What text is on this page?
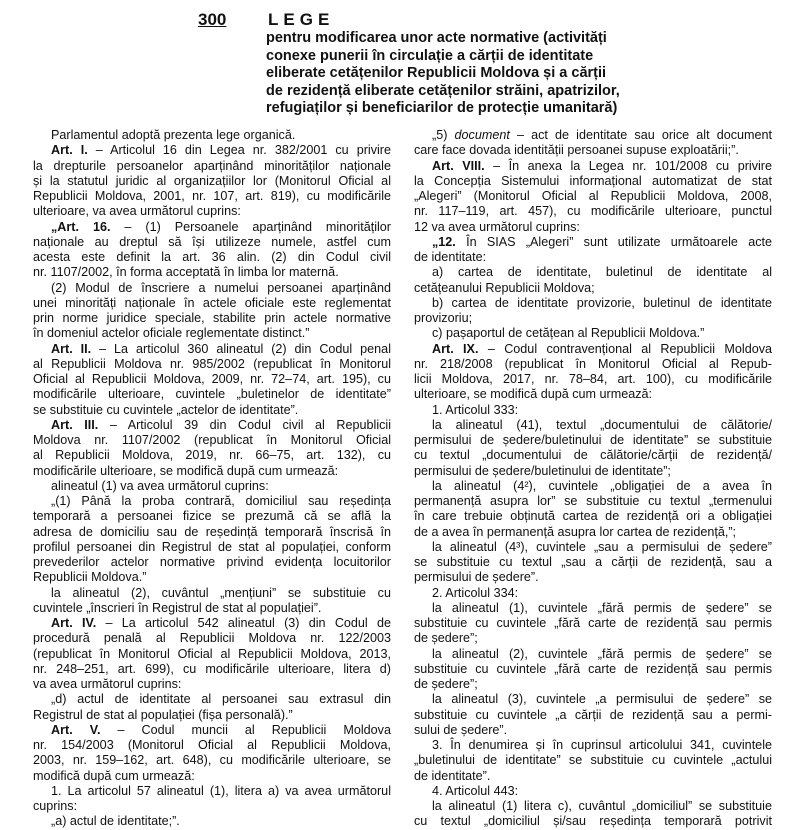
300 LEGE
pentru modificarea unor acte normative (activități
conexe punerii în circulație a cărții de identitate
eliberate cetățenilor Republicii Moldova și a cărții
de rezidență eliberate cetățenilor străini, apatrizilor,
refugiaților și beneficiarilor de protecție umanitară)
Parlamentul adoptă prezenta lege organică.
Art. I. – Articolul 16 din Legea nr. 382/2001 cu privire
la drepturile persoanelor aparținând minorităților naționale
și la statutul juridic al organizațiilor lor (Monitorul Oficial al
Republicii Moldova, 2001, nr. 107, art. 819), cu modificările
ulterioare, va avea următorul cuprins:
„Art. 16. – (1) Persoanele aparținând minorităților
naționale au dreptul să își utilizeze numele, astfel cum
acesta este definit la art. 36 alin. (2) din Codul civil
nr. 1107/2002, în forma acceptată în limba lor maternă.
(2) Modul de înscriere a numelui persoanei aparținând
unei minorități naționale în actele oficiale este reglementat
prin norme juridice speciale, stabilite prin actele normative
în domeniul actelor oficiale reglementate distinct.”
Art. II. – La articolul 360 alineatul (2) din Codul penal
al Republicii Moldova nr. 985/2002 (republicat în Monitorul
Oficial al Republicii Moldova, 2009, nr. 72–74, art. 195), cu
modificările ulterioare, cuvintele „buletinelor de identitate”
se substituie cu cuvintele „actelor de identitate”.
Art. III. – Articolul 39 din Codul civil al Republicii
Moldova nr. 1107/2002 (republicat în Monitorul Oficial
al Republicii Moldova, 2019, nr. 66–75, art. 132), cu
modificările ulterioare, se modifică după cum urmează:
alineatul (1) va avea următorul cuprins:
„(1) Până la proba contrară, domiciliul sau reședința
temporară a persoanei fizice se prezumă că se află la
adresa de domiciliu sau de reședință temporară înscrisă în
profilul persoanei din Registrul de stat al populației, conform
prevederilor actelor normative privind evidența locuitorilor
Republicii Moldova.”
la alineatul (2), cuvântul „mențiuni” se substituie cu
cuvintele „înscrieri în Registrul de stat al populației”.
Art. IV. – La articolul 542 alineatul (3) din Codul de
procedură penală al Republicii Moldova nr. 122/2003
(republicat în Monitorul Oficial al Republicii Moldova, 2013,
nr. 248–251, art. 699), cu modificările ulterioare, litera d)
va avea următorul cuprins:
„d) actul de identitate al persoanei sau extrasul din
Registrul de stat al populației (fișa personală).”
Art. V. – Codul muncii al Republicii Moldova
nr. 154/2003 (Monitorul Oficial al Republicii Moldova,
2003, nr. 159–162, art. 648), cu modificările ulterioare, se
modifică după cum urmează:
1. La articolul 57 alineatul (1), litera a) va avea următorul
cuprins:
„a) actul de identitate;”.
„5) document – act de identitate sau orice alt document
care face dovada identității persoanei supuse exploatării;”.
Art. VIII. – În anexa la Legea nr. 101/2008 cu privire
la Concepția Sistemului informațional automatizat de stat
„Alegeri” (Monitorul Oficial al Republicii Moldova, 2008,
nr. 117–119, art. 457), cu modificările ulterioare, punctul
12 va avea următorul cuprins:
„12. În SIAS „Alegeri” sunt utilizate următoarele acte
de identitate:
a) cartea de identitate, buletinul de identitate al
cetățeanului Republicii Moldova;
b) cartea de identitate provizorie, buletinul de identitate
provizoriu;
c) pașaportul de cetățean al Republicii Moldova.”
Art. IX. – Codul contravențional al Republicii Moldova
nr. 218/2008 (republicat în Monitorul Oficial al Repub-
licii Moldova, 2017, nr. 78–84, art. 100), cu modificările
ulterioare, se modifică după cum urmează:
1. Articolul 333:
la alineatul (41), textul „documentului de călătorie/
permisului de ședere/buletinului de identitate” se substituie
cu textul „documentului de călătorie/cărții de rezidență/
permisului de ședere/buletinului de identitate”;
la alineatul (4²), cuvintele „obligației de a avea în
permanență asupra lor” se substituie cu textul „termenului
în care trebuie obținută cartea de rezidență ori a obligației
de a avea în permanență asupra lor cartea de rezidență,”;
la alineatul (4³), cuvintele „sau a permisului de ședere”
se substituie cu textul „sau a cărții de rezidență, sau a
permisului de ședere”.
2. Articolul 334:
la alineatul (1), cuvintele „fără permis de ședere” se
substituie cu cuvintele „fără carte de rezidență sau permis
de ședere”;
la alineatul (2), cuvintele „fără permis de ședere” se
substituie cu cuvintele „fără carte de rezidență sau permis
de ședere”;
la alineatul (3), cuvintele „a permisului de ședere” se
substituie cu cuvintele „a cărții de rezidență sau a permi-
sului de ședere”.
3. În denumirea și în cuprinsul articolului 341, cuvintele
„buletinului de identitate” se substituie cu cuvintele „actului
de identitate”.
4. Articolul 443:
la alineatul (1) litera c), cuvântul „domiciliul” se substituie
cu textul „domiciliul și/sau reședința temporară potrivit
